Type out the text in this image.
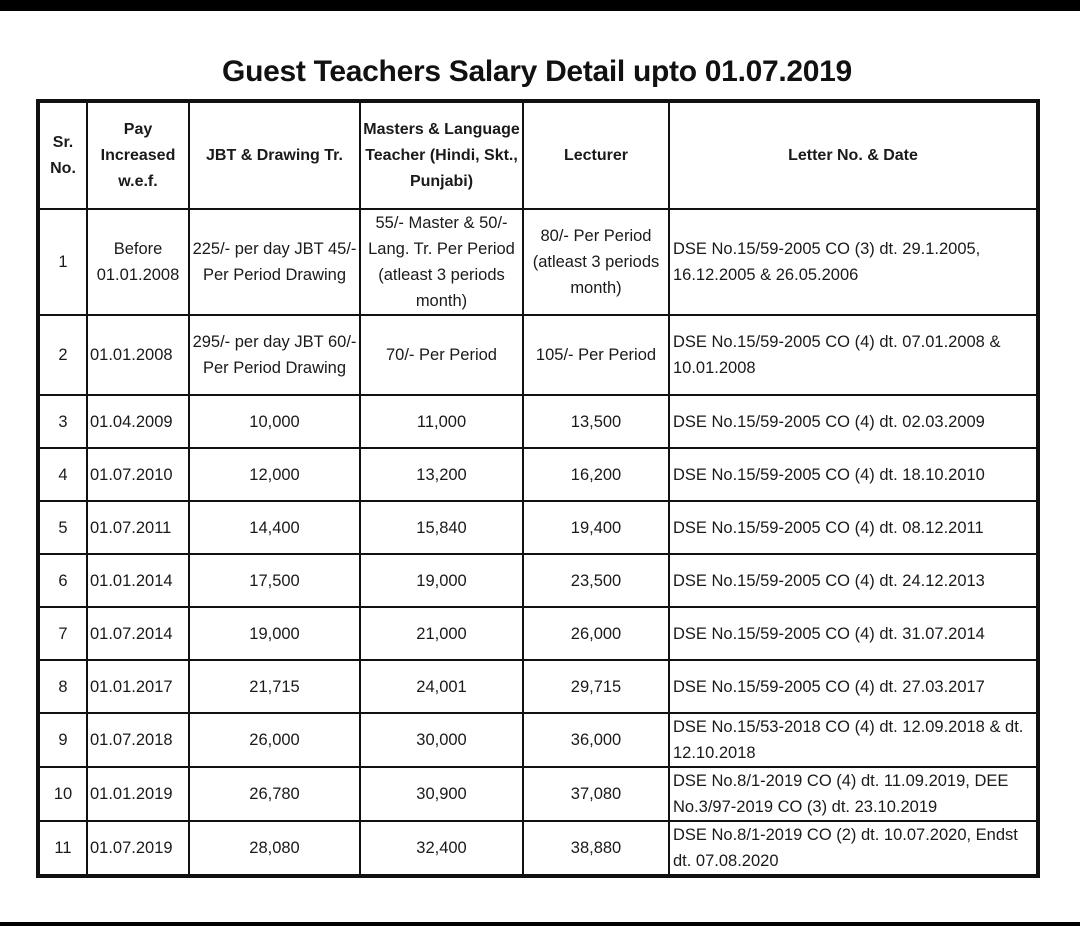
Guest Teachers Salary Detail upto 01.07.2019
Sr. No.	Pay Increased w.e.f.	JBT & Drawing Tr.	Masters & Language Teacher (Hindi, Skt., Punjabi)	Lecturer	Letter No. & Date
1	Before 01.01.2008	225/- per day JBT 45/- Per Period Drawing	55/- Master & 50/- Lang. Tr. Per Period (atleast 3 periods month)	80/- Per Period (atleast 3 periods month)	DSE No.15/59-2005 CO (3) dt. 29.1.2005, 16.12.2005 & 26.05.2006
2	01.01.2008	295/- per day JBT 60/- Per Period Drawing	70/- Per Period	105/- Per Period	DSE No.15/59-2005 CO (4) dt. 07.01.2008 & 10.01.2008
3	01.04.2009	10,000	11,000	13,500	DSE No.15/59-2005 CO (4) dt. 02.03.2009
4	01.07.2010	12,000	13,200	16,200	DSE No.15/59-2005 CO (4) dt. 18.10.2010
5	01.07.2011	14,400	15,840	19,400	DSE No.15/59-2005 CO (4) dt. 08.12.2011
6	01.01.2014	17,500	19,000	23,500	DSE No.15/59-2005 CO (4) dt. 24.12.2013
7	01.07.2014	19,000	21,000	26,000	DSE No.15/59-2005 CO (4) dt. 31.07.2014
8	01.01.2017	21,715	24,001	29,715	DSE No.15/59-2005 CO (4) dt. 27.03.2017
9	01.07.2018	26,000	30,000	36,000	DSE No.15/53-2018 CO (4) dt. 12.09.2018 & dt. 12.10.2018
10	01.01.2019	26,780	30,900	37,080	DSE No.8/1-2019 CO (4) dt. 11.09.2019, DEE No.3/97-2019 CO (3) dt. 23.10.2019
11	01.07.2019	28,080	32,400	38,880	DSE No.8/1-2019 CO (2) dt. 10.07.2020, Endst dt. 07.08.2020
